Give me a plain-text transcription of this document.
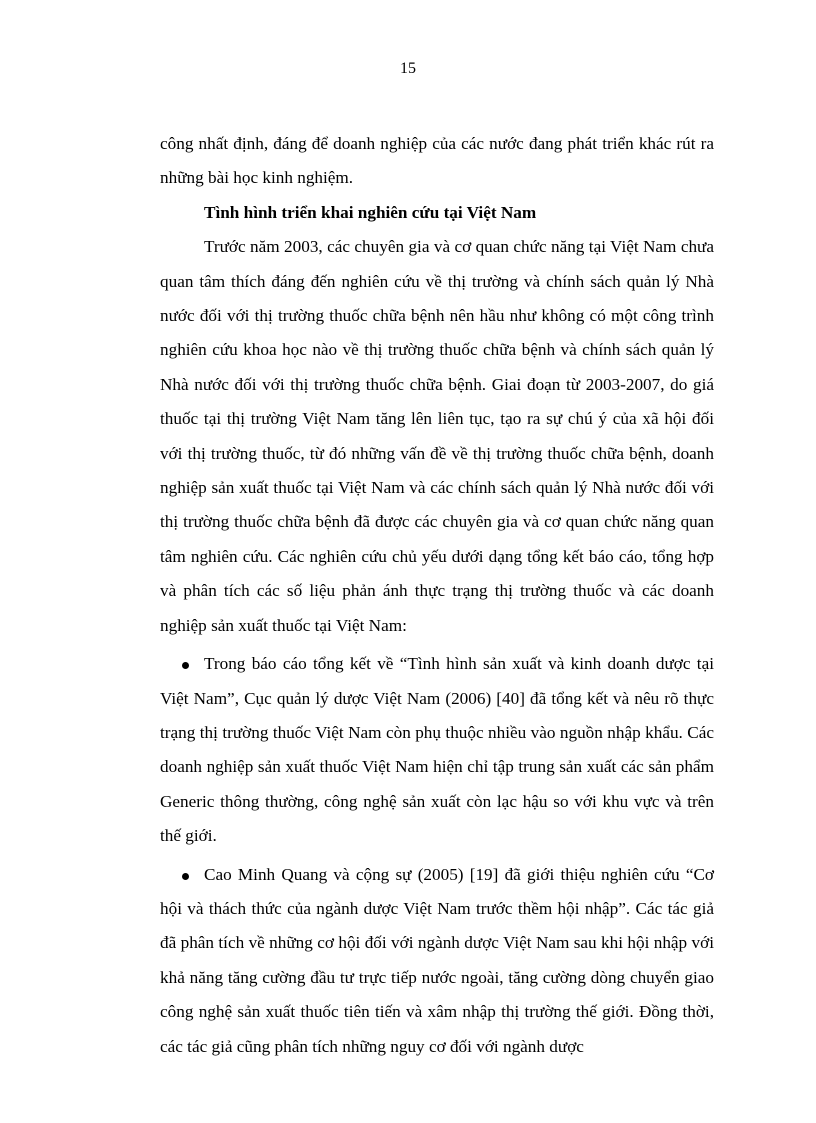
15

công nhất định, đáng để doanh nghiệp của các nước đang phát triển khác rút ra những bài học kinh nghiệm.

Tình hình triển khai nghiên cứu tại Việt Nam

Trước năm 2003, các chuyên gia và cơ quan chức năng tại Việt Nam chưa quan tâm thích đáng đến nghiên cứu về thị trường và chính sách quản lý Nhà nước đối với thị trường thuốc chữa bệnh nên hầu như không có một công trình nghiên cứu khoa học nào về thị trường thuốc chữa bệnh và chính sách quản lý Nhà nước đối với thị trường thuốc chữa bệnh. Giai đoạn từ 2003-2007, do giá thuốc tại thị trường Việt Nam tăng lên liên tục, tạo ra sự chú ý của xã hội đối với thị trường thuốc, từ đó những vấn đề về thị trường thuốc chữa bệnh, doanh nghiệp sản xuất thuốc tại Việt Nam và các chính sách quản lý Nhà nước đối với thị trường thuốc chữa bệnh đã được các chuyên gia và cơ quan chức năng quan tâm nghiên cứu. Các nghiên cứu chủ yếu dưới dạng tổng kết báo cáo, tổng hợp và phân tích các số liệu phản ánh thực trạng thị trường thuốc và các doanh nghiệp sản xuất thuốc tại Việt Nam:

Trong báo cáo tổng kết về “Tình hình sản xuất và kinh doanh dược tại Việt Nam”, Cục quản lý dược Việt Nam (2006) [40] đã tổng kết và nêu rõ thực trạng thị trường thuốc Việt Nam còn phụ thuộc nhiều vào nguồn nhập khẩu. Các doanh nghiệp sản xuất thuốc Việt Nam hiện chỉ tập trung sản xuất các sản phẩm Generic thông thường, công nghệ sản xuất còn lạc hậu so với khu vực và trên thế giới.
Cao Minh Quang và cộng sự (2005) [19] đã giới thiệu nghiên cứu “Cơ hội và thách thức của ngành dược Việt Nam trước thềm hội nhập”. Các tác giả đã phân tích về những cơ hội đối với ngành dược Việt Nam sau khi hội nhập với khả năng tăng cường đầu tư trực tiếp nước ngoài, tăng cường dòng chuyển giao công nghệ sản xuất thuốc tiên tiến và xâm nhập thị trường thế giới. Đồng thời, các tác giả cũng phân tích những nguy cơ đối với ngành dược
